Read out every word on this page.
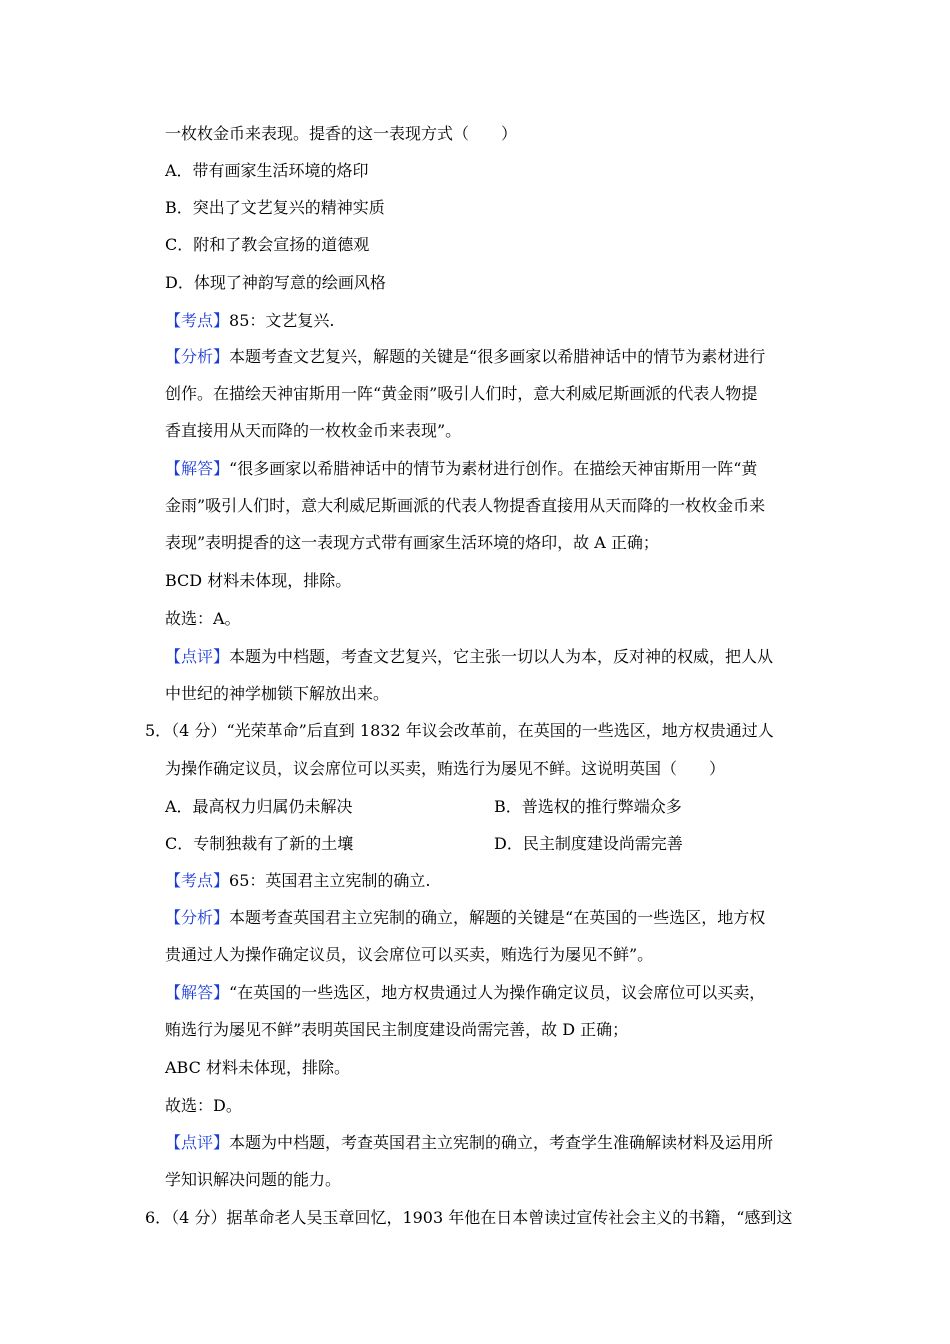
一枚枚金币来表现。提香的这一表现方式（　　）
A．带有画家生活环境的烙印
B．突出了文艺复兴的精神实质
C．附和了教会宣扬的道德观
D．体现了神韵写意的绘画风格
【考点】85：文艺复兴.
【分析】本题考查文艺复兴，解题的关键是“很多画家以希腊神话中的情节为素材进行
创作。在描绘天神宙斯用一阵“黄金雨”吸引人们时，意大利威尼斯画派的代表人物提
香直接用从天而降的一枚枚金币来表现”。
【解答】“很多画家以希腊神话中的情节为素材进行创作。在描绘天神宙斯用一阵“黄
金雨”吸引人们时，意大利威尼斯画派的代表人物提香直接用从天而降的一枚枚金币来
表现”表明提香的这一表现方式带有画家生活环境的烙印，故 A 正确；
BCD 材料未体现，排除。
故选：A。
【点评】本题为中档题，考查文艺复兴，它主张一切以人为本，反对神的权威，把人从
中世纪的神学枷锁下解放出来。
5．（4 分）“光荣革命”后直到 1832 年议会改革前，在英国的一些选区，地方权贵通过人
为操作确定议员，议会席位可以买卖，贿选行为屡见不鲜。这说明英国（　　）
A．最高权力归属仍未解决	B．普选权的推行弊端众多
C．专制独裁有了新的土壤	D．民主制度建设尚需完善
【考点】65：英国君主立宪制的确立.
【分析】本题考查英国君主立宪制的确立，解题的关键是“在英国的一些选区，地方权
贵通过人为操作确定议员，议会席位可以买卖，贿选行为屡见不鲜”。
【解答】“在英国的一些选区，地方权贵通过人为操作确定议员，议会席位可以买卖，
贿选行为屡见不鲜”表明英国民主制度建设尚需完善，故 D 正确；
ABC 材料未体现，排除。
故选：D。
【点评】本题为中档题，考查英国君主立宪制的确立，考查学生准确解读材料及运用所
学知识解决问题的能力。
6．（4 分）据革命老人吴玉章回忆，1903 年他在日本曾读过宣传社会主义的书籍，“感到这
